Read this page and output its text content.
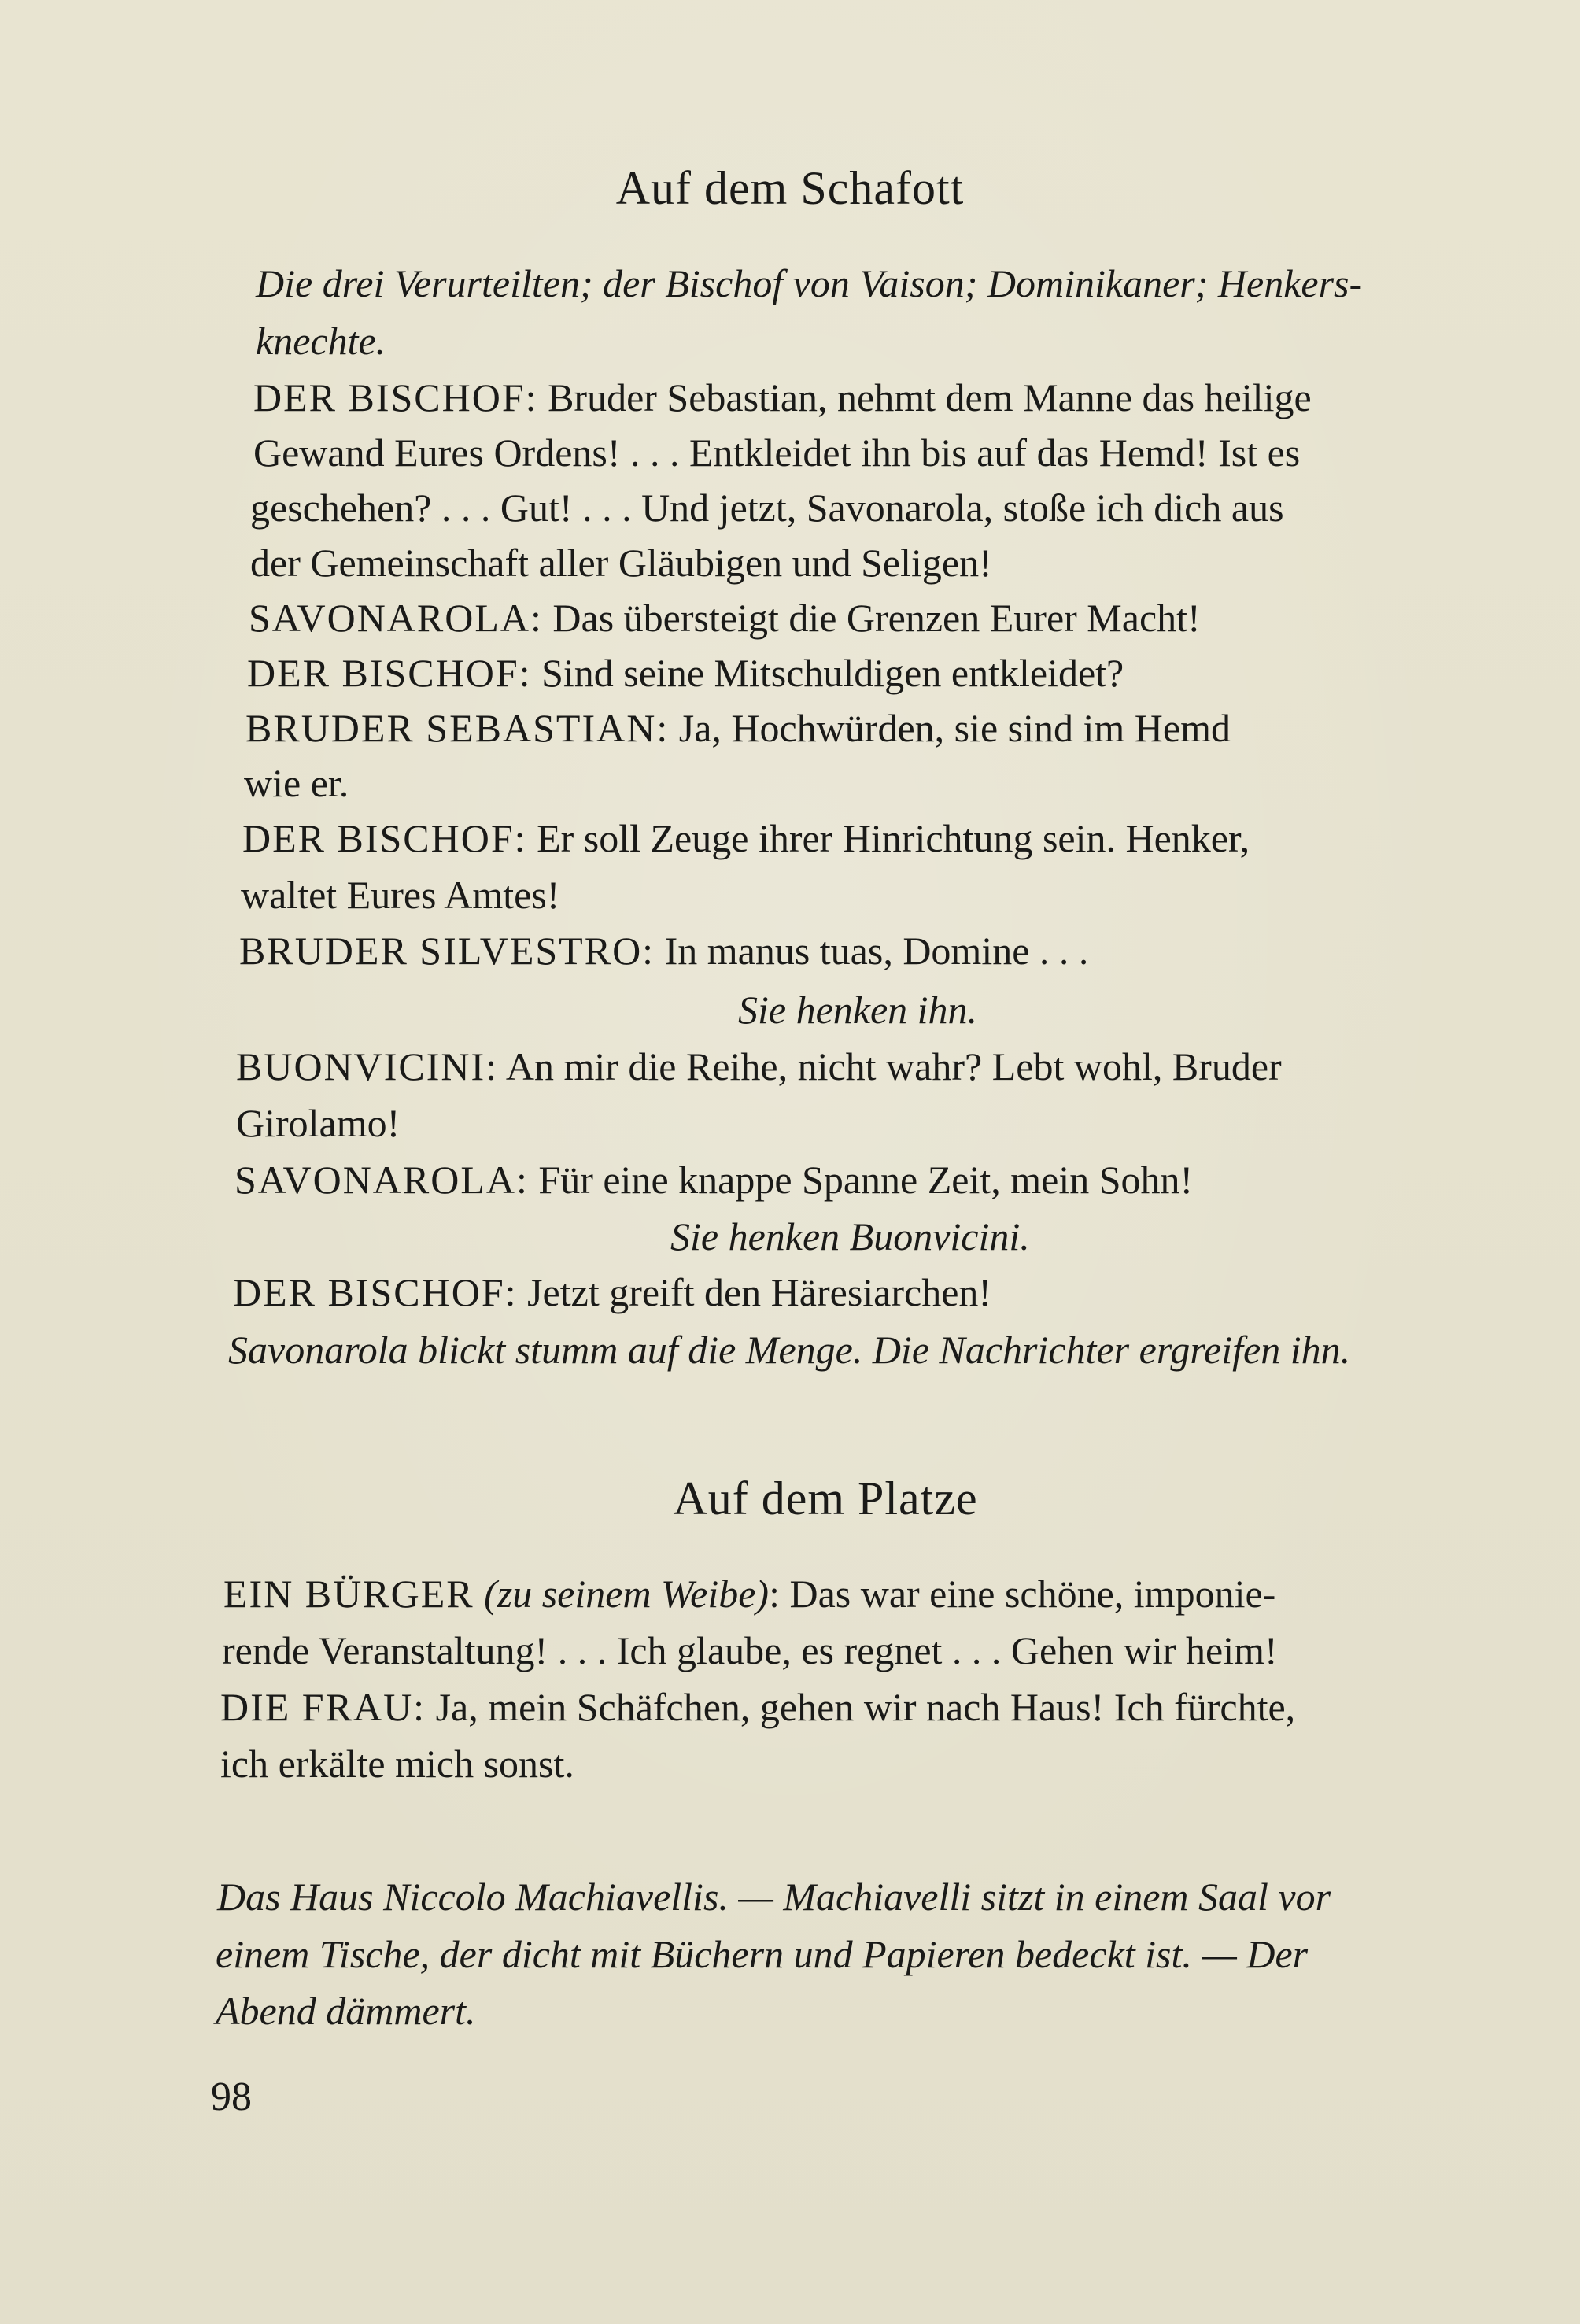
Auf dem Schafott
Die drei Verurteilten; der Bischof von Vaison; Dominikaner; Henkers-
knechte.
DER BISCHOF: Bruder Sebastian, nehmt dem Manne das heilige
Gewand Eures Ordens! . . . Entkleidet ihn bis auf das Hemd! Ist es
geschehen? . . . Gut! . . . Und jetzt, Savonarola, stoße ich dich aus
der Gemeinschaft aller Gläubigen und Seligen!
SAVONAROLA: Das übersteigt die Grenzen Eurer Macht!
DER BISCHOF: Sind seine Mitschuldigen entkleidet?
BRUDER SEBASTIAN: Ja, Hochwürden, sie sind im Hemd
wie er.
DER BISCHOF: Er soll Zeuge ihrer Hinrichtung sein. Henker,
waltet Eures Amtes!
BRUDER SILVESTRO: In manus tuas, Domine . . .
Sie henken ihn.
BUONVICINI: An mir die Reihe, nicht wahr? Lebt wohl, Bruder
Girolamo!
SAVONAROLA: Für eine knappe Spanne Zeit, mein Sohn!
Sie henken Buonvicini.
DER BISCHOF: Jetzt greift den Häresiarchen!
Savonarola blickt stumm auf die Menge. Die Nachrichter ergreifen ihn.
Auf dem Platze
EIN BÜRGER (zu seinem Weibe): Das war eine schöne, imponie-
rende Veranstaltung! . . . Ich glaube, es regnet . . . Gehen wir heim!
DIE FRAU: Ja, mein Schäfchen, gehen wir nach Haus! Ich fürchte,
ich erkälte mich sonst.
Das Haus Niccolo Machiavellis. — Machiavelli sitzt in einem Saal vor
einem Tische, der dicht mit Büchern und Papieren bedeckt ist. — Der
Abend dämmert.
98
